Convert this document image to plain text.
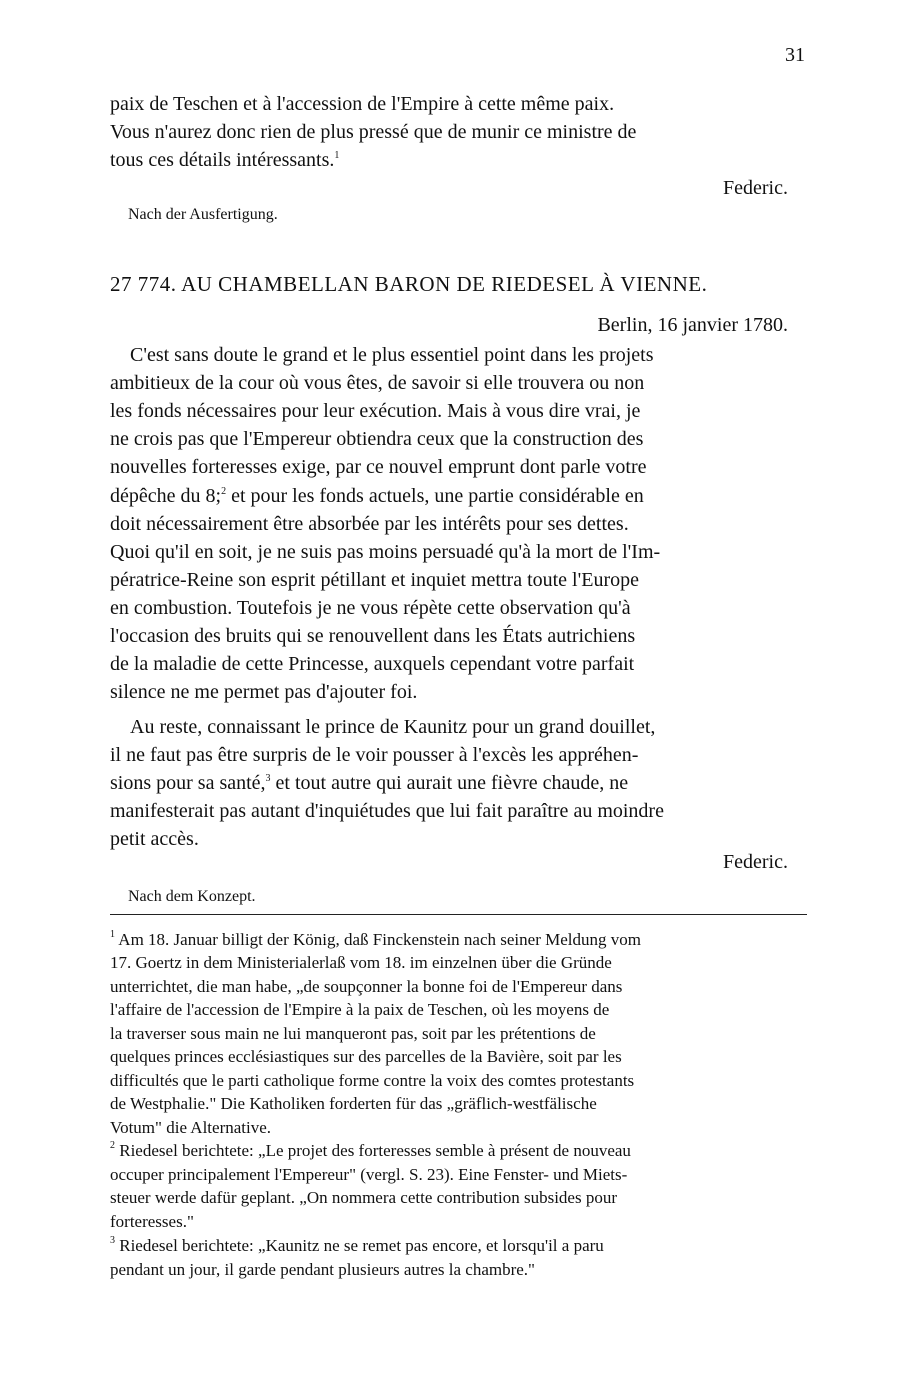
31
paix de Teschen et à l'accession de l'Empire à cette même paix.
Vous n'aurez donc rien de plus pressé que de munir ce ministre de
tous ces détails intéressants.$^1$
Federic.
Nach der Ausfertigung.
27 774. AU CHAMBELLAN BARON DE RIEDESEL À VIENNE.
Berlin, 16 janvier 1780.
C'est sans doute le grand et le plus essentiel point dans les projets
ambitieux de la cour où vous êtes, de savoir si elle trouvera ou non
les fonds nécessaires pour leur exécution. Mais à vous dire vrai, je
ne crois pas que l'Empereur obtiendra ceux que la construction des
nouvelles forteresses exige, par ce nouvel emprunt dont parle votre
dépêche du 8;$^2$ et pour les fonds actuels, une partie considérable en
doit nécessairement être absorbée par les intérêts pour ses dettes.
Quoi qu'il en soit, je ne suis pas moins persuadé qu'à la mort de l'Im-
pératrice-Reine son esprit pétillant et inquiet mettra toute l'Europe
en combustion. Toutefois je ne vous répète cette observation qu'à
l'occasion des bruits qui se renouvellent dans les États autrichiens
de la maladie de cette Princesse, auxquels cependant votre parfait
silence ne me permet pas d'ajouter foi.
Au reste, connaissant le prince de Kaunitz pour un grand douillet,
il ne faut pas être surpris de le voir pousser à l'excès les appréhen-
sions pour sa santé,$^3$ et tout autre qui aurait une fièvre chaude, ne
manifesterait pas autant d'inquiétudes que lui fait paraître au moindre
petit accès.
Federic.
Nach dem Konzept.
$^1$ Am 18. Januar billigt der König, daß Finckenstein nach seiner Meldung vom
17. Goertz in dem Ministerialerlaß vom 18. im einzelnen über die Gründe
unterrichtet, die man habe, „de soupçonner la bonne foi de l'Empereur dans
l'affaire de l'accession de l'Empire à la paix de Teschen, où les moyens de
la traverser sous main ne lui manqueront pas, soit par les prétentions de
quelques princes ecclésiastiques sur des parcelles de la Bavière, soit par les
difficultés que le parti catholique forme contre la voix des comtes protestants
de Westphalie." Die Katholiken forderten für das „gräflich-westfälische
Votum" die Alternative.
$^2$ Riedesel berichtete: „Le projet des forteresses semble à présent de nouveau
occuper principalement l'Empereur" (vergl. S. 23). Eine Fenster- und Miets-
steuer werde dafür geplant. „On nommera cette contribution subsides pour
forteresses."
$^3$ Riedesel berichtete: „Kaunitz ne se remet pas encore, et lorsqu'il a paru
pendant un jour, il garde pendant plusieurs autres la chambre."
